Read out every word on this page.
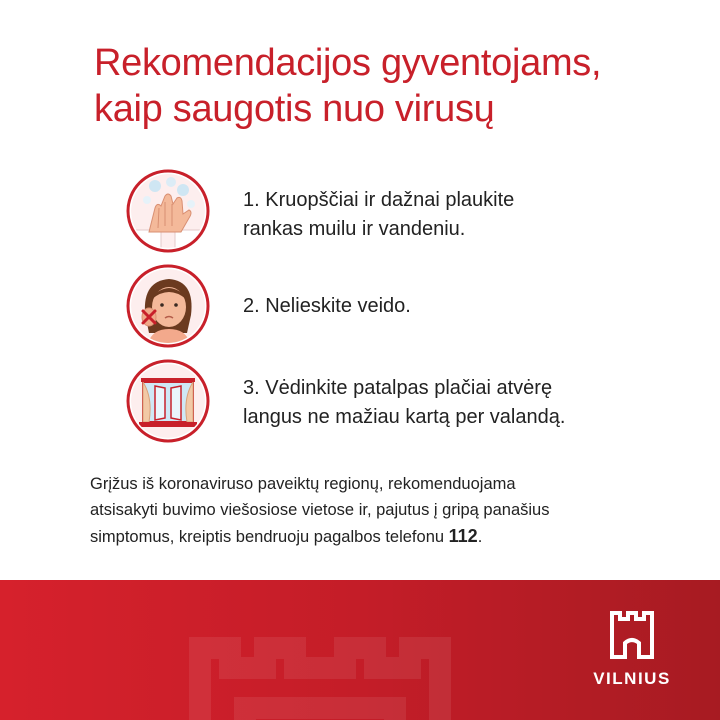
Rekomendacijos gyventojams,
kaip saugotis nuo virusų
1. Kruopščiai ir dažnai plaukite
rankas muilu ir vandeniu.
2. Nelieskite veido.
3. Vėdinkite patalpas plačiai atvėrę
langus ne mažiau kartą per valandą.
Grįžus iš koronaviruso paveiktų regionų, rekomenduojama
atsisakyti buvimo viešosiose vietose ir, pajutus į gripą panašius
simptomus, kreiptis bendruoju pagalbos telefonu 112.
VILNIUS
